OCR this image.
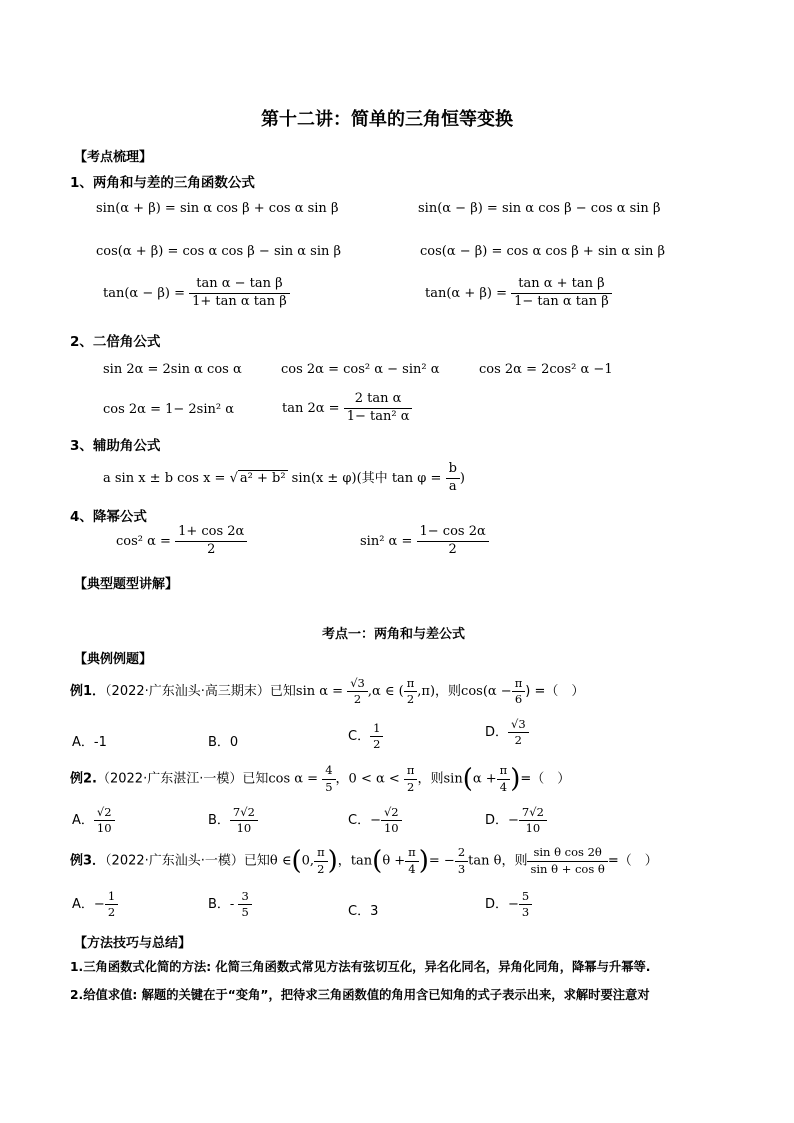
第十二讲：简单的三角恒等变换
【考点梳理】
1、两角和与差的三角函数公式
sin(α + β) = sin α cos β + cos α sin β	sin(α − β) = sin α cos β − cos α sin β
cos(α + β) = cos α cos β − sin α sin β	cos(α − β) = cos α cos β + sin α sin β
$\tan(\alpha - \beta) = \frac{\text{tan α − tan β}}{\text{1+ tan α tan β}}$	$\tan(\alpha + \beta) = \frac{\text{tan α + tan β}}{\text{1− tan α tan β}}$
2、二倍角公式
sin 2α = 2sin α cos α	cos 2α = cos² α − sin² α	cos 2α = 2cos² α −1
cos 2α = 1− 2sin² α	$\tan 2\alpha = \frac{\text{2 tan α}}{\text{1− tan² α}}$
3、辅助角公式
a sin x ± b cos x = √ a² + b² sin(x ± φ)(其中 $\tan \varphi = \frac{b}{a}$ )
4、降幂公式
cos² $\alpha = \frac{1+ \cos 2\alpha}{2}$	sin² $\alpha = \frac{1- \cos 2\alpha}{2}$
【典型题型讲解】
考点一：两角和与差公式
【典例例题】
例1．（2022·广东汕头·高三期末）已知$\sin \alpha = \frac{√3}{2} ,\alpha$ ∈ ( $\frac{\pi}{2} ,\pi$)，则$\cos(\alpha - \frac{\pi}{6}$ ) =（　）
A．-1	B．0	C． $\frac{1}{2}$	D． $\frac{√3}{2}$
例2.（2022·广东湛江·一模）已知$\cos \alpha = \frac{4}{5}$ ，$0 < \alpha < \frac{\pi}{2}$ ，则$\sin(\alpha + \frac{\pi}{4}$ )=（　）
A． $\frac{√2}{10}$	B． $\frac{7√2}{10}$	C．− $\frac{√2}{10}$	D．− $\frac{7√2}{10}$
例3．（2022·广东汕头·一模）已知θ ∈(0, $\frac{\pi}{2}$ )，$\tan(\theta + \frac{\pi}{4}$ )= − $\frac{2}{3}$ tan θ，则 $\frac{\text{sin θ cos 2θ}}{\text{sin θ + cos θ}}$ =（　）
A．− $\frac{1}{2}$	B．- $\frac{3}{5}$	C．3	D．− $\frac{5}{3}$
【方法技巧与总结】
1.三角函数式化简的方法: 化简三角函数式常见方法有弦切互化，异名化同名，异角化同角，降幂与升幂等.
2.给值求值: 解题的关键在于“变角”，把待求三角函数值的角用含已知角的式子表示出来，求解时要注意对
